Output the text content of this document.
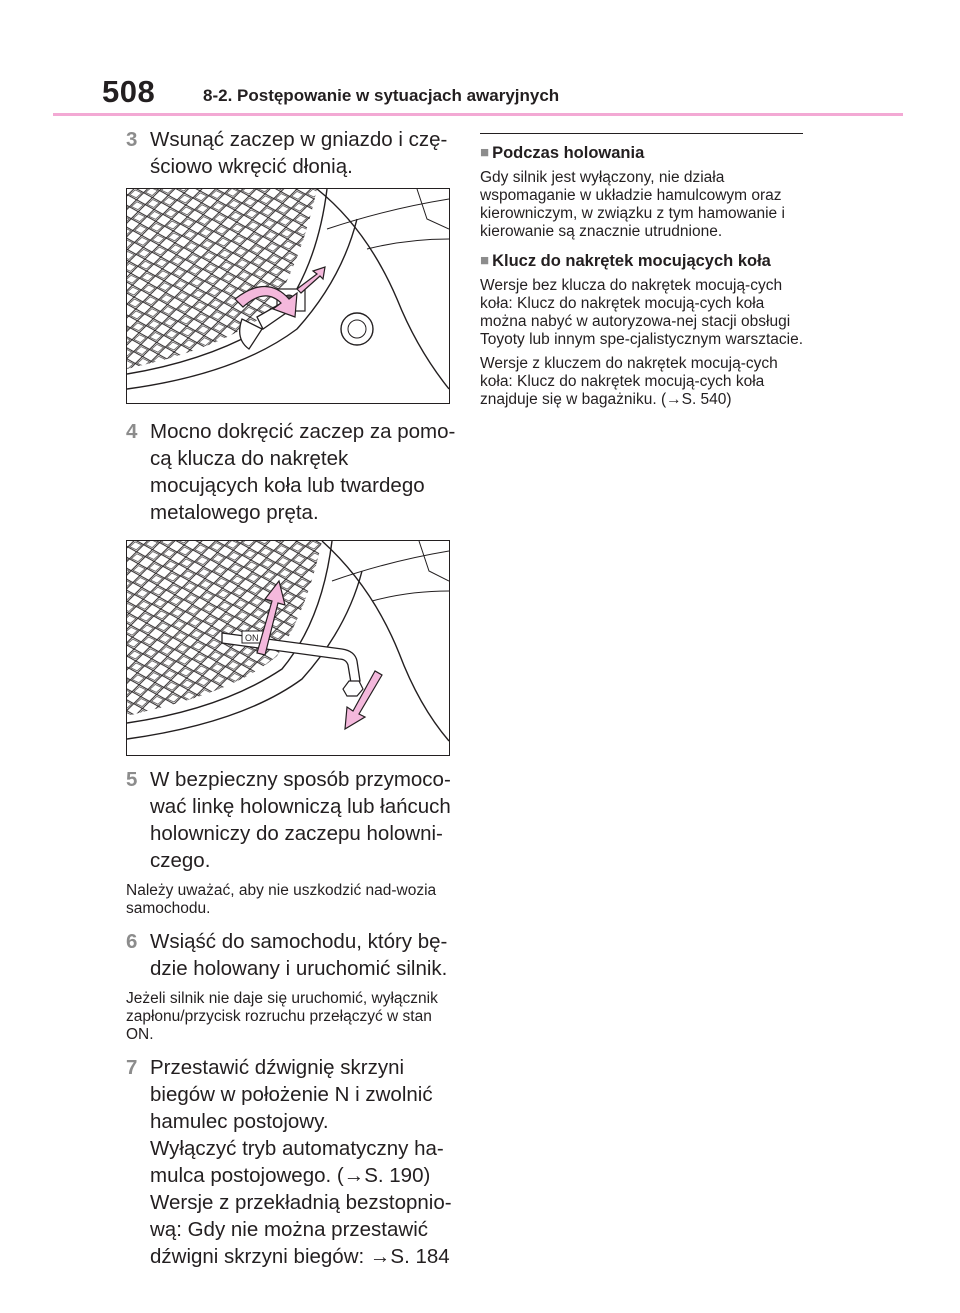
508	8-2. Postępowanie w sytuacjach awaryjnych
3 Wsunąć zaczep w gniazdo i czę-ściowo wkręcić dłonią.
4 Mocno dokręcić zaczep za pomo-cą klucza do nakrętek mocujących koła lub twardego metalowego pręta.
ON
5 W bezpieczny sposób przymoco-wać linkę holowniczą lub łańcuch holowniczy do zaczepu holowni-czego.

Należy uważać, aby nie uszkodzić nad-wozia samochodu.

6 Wsiąść do samochodu, który bę-dzie holowany i uruchomić silnik.

Jeżeli silnik nie daje się uruchomić, wyłącznik zapłonu/przycisk rozruchu przełączyć w stan ON.

7 Przestawić dźwignię skrzyni biegów w położenie N i zwolnić hamulec postojowy.
Wyłączyć tryb automatyczny ha-mulca postojowego. (→S. 190)
Wersje z przekładnią bezstopnio-wą: Gdy nie można przestawić dźwigni skrzyni biegów: →S. 184
■ Podczas holowania

Gdy silnik jest wyłączony, nie działa wspomaganie w układzie hamulcowym oraz kierowniczym, w związku z tym hamowanie i kierowanie są znacznie utrudnione.

■ Klucz do nakrętek mocujących koła

Wersje bez klucza do nakrętek mocują-cych koła: Klucz do nakrętek mocują-cych koła można nabyć w autoryzowa-nej stacji obsługi Toyoty lub innym spe-cjalistycznym warsztacie.

Wersje z kluczem do nakrętek mocują-cych koła: Klucz do nakrętek mocują-cych koła znajduje się w bagażniku. (→S. 540)
